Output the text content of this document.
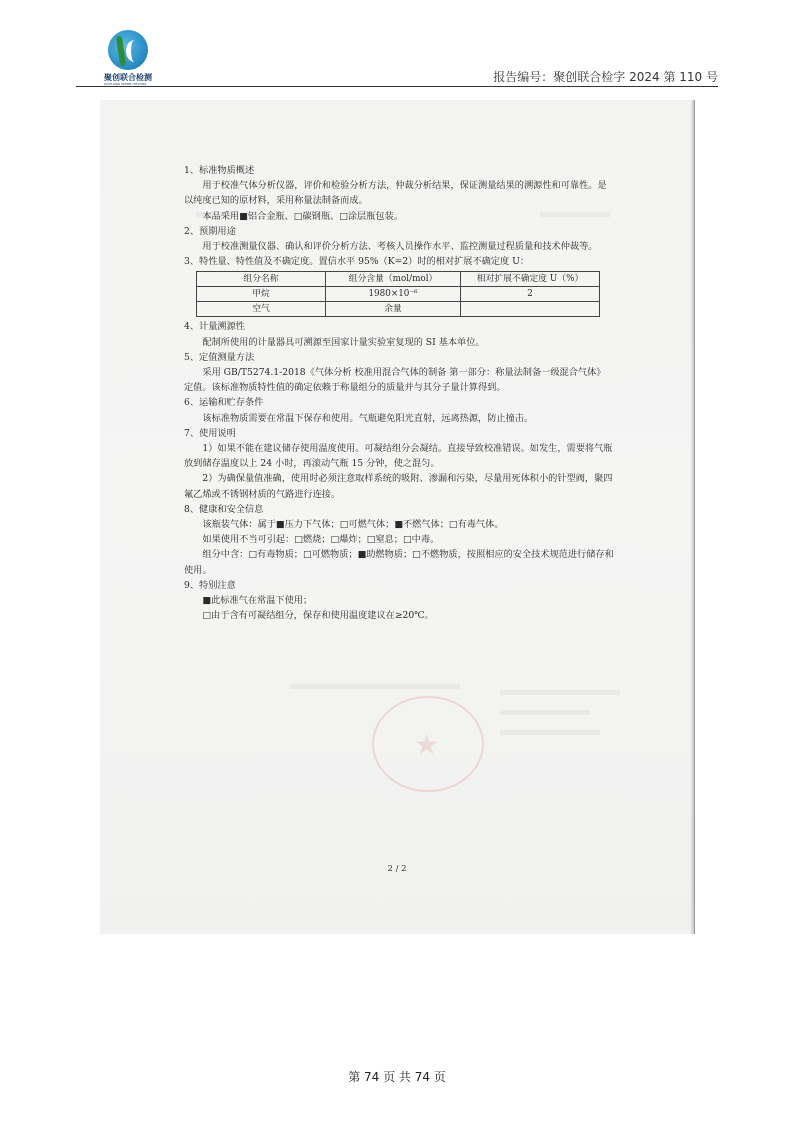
聚创联合检测
JUCHUANG UNITED TESTING	报告编号：聚创联合检字 2024 第 110 号
★

1、标准物质概述

用于校准气体分析仪器，评价和检验分析方法，仲裁分析结果，保证测量结果的溯源性和可靠性。是以纯度已知的原材料，采用称量法制备而成。

本品采用■铝合金瓶、□碳钢瓶、□涂层瓶包装。

2、预期用途

用于校准测量仪器、确认和评价分析方法、考核人员操作水平、监控测量过程质量和技术仲裁等。

3、特性量、特性值及不确定度。置信水平 95%（K=2）时的相对扩展不确定度 U：

组分名称	组分含量（mol/mol）	相对扩展不确定度 U（%）
甲烷	1980×10⁻⁶	2
空气	余量	

4、计量溯源性

配制所使用的计量器具可溯源至国家计量实验室复现的 SI 基本单位。

5、定值测量方法

采用 GB/T5274.1-2018《气体分析 校准用混合气体的制备 第一部分：称量法制备一级混合气体》定值。该标准物质特性值的确定依赖于称量组分的质量并与其分子量计算得到。

6、运输和贮存条件

该标准物质需要在常温下保存和使用。气瓶避免阳光直射，远离热源，防止撞击。

7、使用说明

1）如果不能在建议储存使用温度使用。可凝结组分会凝结。直接导致校准错误。如发生，需要将气瓶放到储存温度以上 24 小时，再滚动气瓶 15 分钟，使之混匀。

2）为确保量值准确，使用时必须注意取样系统的吸附、渗漏和污染，尽量用死体积小的针型阀，聚四氟乙烯或不锈钢材质的气路进行连接。

8、健康和安全信息

该瓶装气体：属于■压力下气体；□可燃气体；■不燃气体；□有毒气体。

如果使用不当可引起：□燃烧；□爆炸；□窒息；□中毒。

组分中含：□有毒物质；□可燃物质；■助燃物质；□不燃物质，按照相应的安全技术规范进行储存和使用。

9、特别注意

■此标准气在常温下使用；

□由于含有可凝结组分，保存和使用温度建议在≥20℃。

2 / 2
第 74 页 共 74 页
